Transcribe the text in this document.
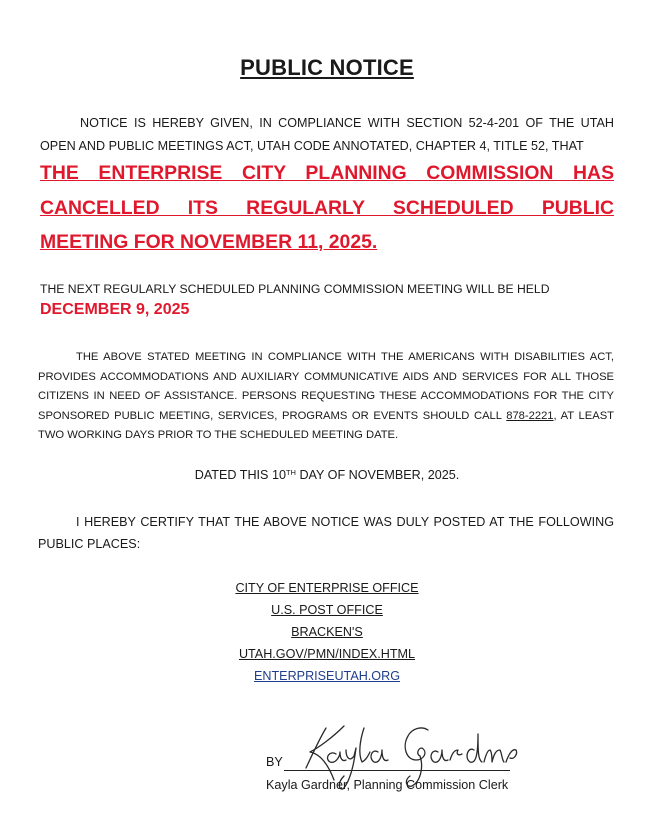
PUBLIC NOTICE
NOTICE IS HEREBY GIVEN, IN COMPLIANCE WITH SECTION 52-4-201 OF THE UTAH OPEN AND PUBLIC MEETINGS ACT, UTAH CODE ANNOTATED, CHAPTER 4, TITLE 52, THAT
THE ENTERPRISE CITY PLANNING COMMISSION HAS CANCELLED ITS REGULARLY SCHEDULED PUBLIC MEETING FOR NOVEMBER 11, 2025.
THE NEXT REGULARLY SCHEDULED PLANNING COMMISSION MEETING WILL BE HELD
DECEMBER 9, 2025
THE ABOVE STATED MEETING IN COMPLIANCE WITH THE AMERICANS WITH DISABILITIES ACT, PROVIDES ACCOMMODATIONS AND AUXILIARY COMMUNICATIVE AIDS AND SERVICES FOR ALL THOSE CITIZENS IN NEED OF ASSISTANCE. PERSONS REQUESTING THESE ACCOMMODATIONS FOR THE CITY SPONSORED PUBLIC MEETING, SERVICES, PROGRAMS OR EVENTS SHOULD CALL 878-2221, AT LEAST TWO WORKING DAYS PRIOR TO THE SCHEDULED MEETING DATE.
DATED THIS 10TH DAY OF NOVEMBER, 2025.
I HEREBY CERTIFY THAT THE ABOVE NOTICE WAS DULY POSTED AT THE FOLLOWING PUBLIC PLACES:
CITY OF ENTERPRISE OFFICE
U.S. POST OFFICE
BRACKEN'S
UTAH.GOV/PMN/INDEX.HTML
ENTERPRISEUTAH.ORG
BY
Kayla Gardner, Planning Commission Clerk
